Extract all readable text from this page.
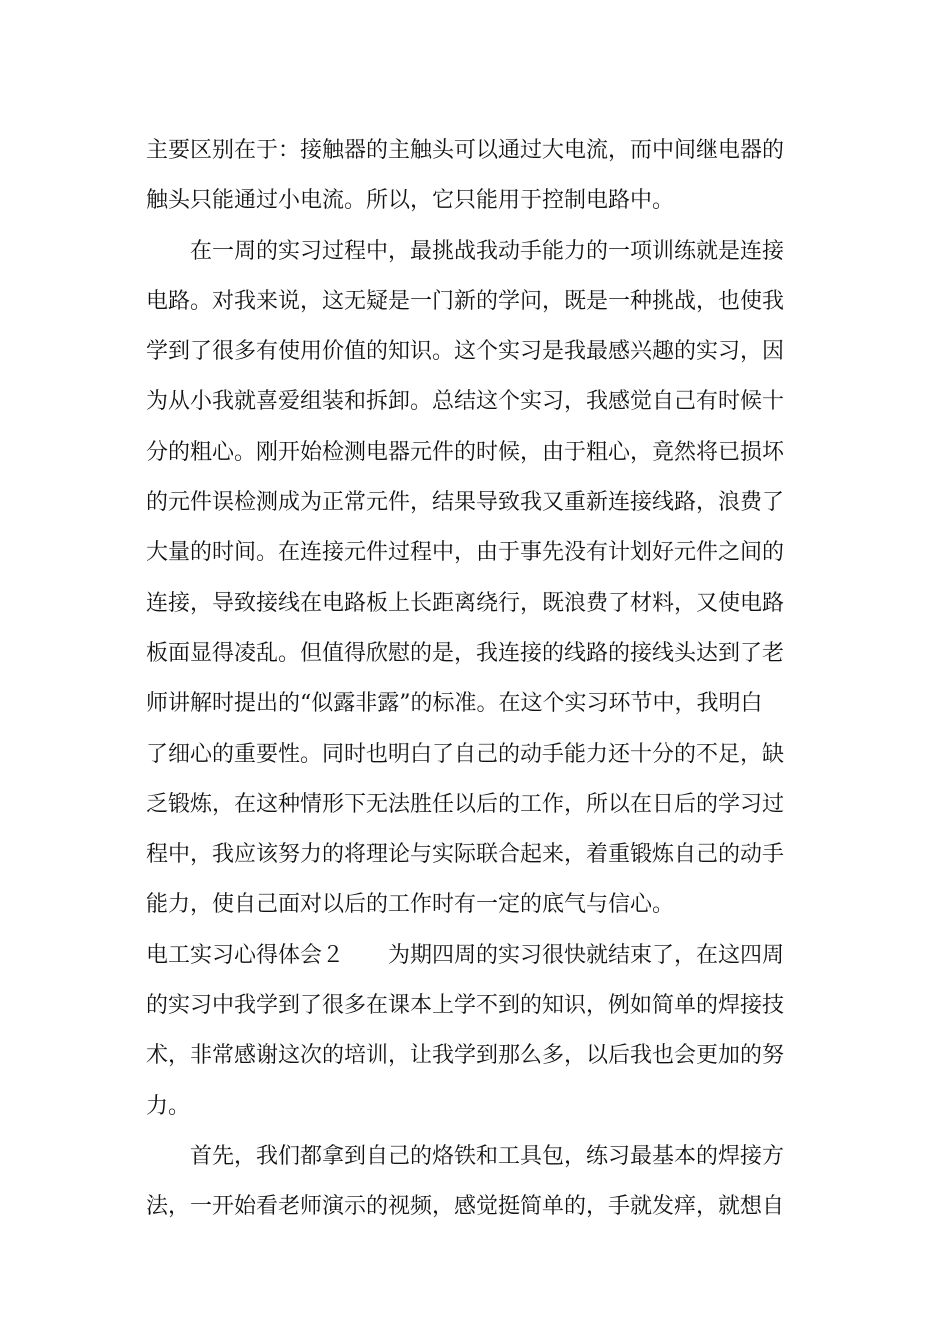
主要区别在于：接触器的主触头可以通过大电流，而中间继电器的
触头只能通过小电流。所以，它只能用于控制电路中。
　　在一周的实习过程中，最挑战我动手能力的一项训练就是连接
电路。对我来说，这无疑是一门新的学问，既是一种挑战，也使我
学到了很多有使用价值的知识。这个实习是我最感兴趣的实习，因
为从小我就喜爱组装和拆卸。总结这个实习，我感觉自己有时候十
分的粗心。刚开始检测电器元件的时候，由于粗心，竟然将已损坏
的元件误检测成为正常元件，结果导致我又重新连接线路，浪费了
大量的时间。在连接元件过程中，由于事先没有计划好元件之间的
连接，导致接线在电路板上长距离绕行，既浪费了材料，又使电路
板面显得凌乱。但值得欣慰的是，我连接的线路的接线头达到了老
师讲解时提出的“似露非露”的标准。在这个实习环节中，我明白
了细心的重要性。同时也明白了自己的动手能力还十分的不足，缺
乏锻炼，在这种情形下无法胜任以后的工作，所以在日后的学习过
程中，我应该努力的将理论与实际联合起来，着重锻炼自己的动手
能力，使自己面对以后的工作时有一定的底气与信心。
电工实习心得体会２　　为期四周的实习很快就结束了，在这四周
的实习中我学到了很多在课本上学不到的知识，例如简单的焊接技
术，非常感谢这次的培训，让我学到那么多，以后我也会更加的努
力。
　　首先，我们都拿到自己的烙铁和工具包，练习最基本的焊接方
法，一开始看老师演示的视频，感觉挺简单的，手就发痒，就想自
